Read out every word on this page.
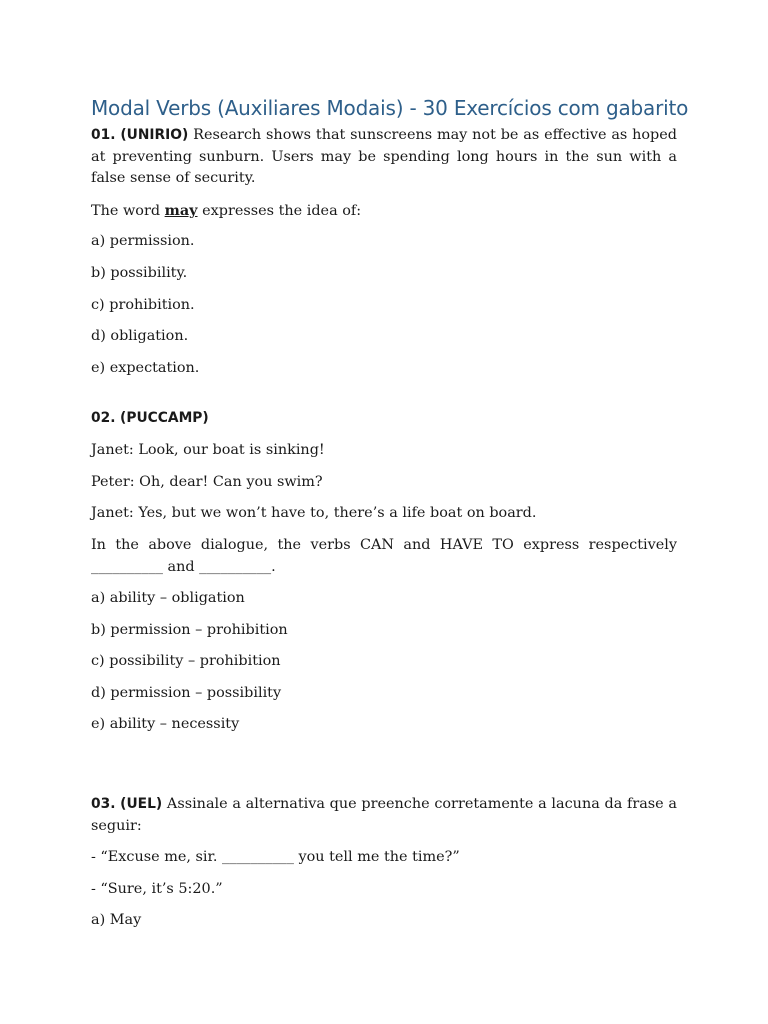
Modal Verbs (Auxiliares Modais) - 30 Exercícios com gabarito

01. (UNIRIO) Research shows that sunscreens may not be as effective as hoped at preventing sunburn. Users may be spending long hours in the sun with a false sense of security.

The word may expresses the idea of:

a) permission.

b) possibility.

c) prohibition.

d) obligation.

e) expectation.

02. (PUCCAMP)

Janet: Look, our boat is sinking!

Peter: Oh, dear! Can you swim?

Janet: Yes, but we won’t have to, there’s a life boat on board.

In the above dialogue, the verbs CAN and HAVE TO express respectively __________ and __________.

a) ability – obligation

b) permission – prohibition

c) possibility – prohibition

d) permission – possibility

e) ability – necessity

03. (UEL) Assinale a alternativa que preenche corretamente a lacuna da frase a seguir:

- “Excuse me, sir. __________ you tell me the time?”

- “Sure, it’s 5:20.”

a) May
